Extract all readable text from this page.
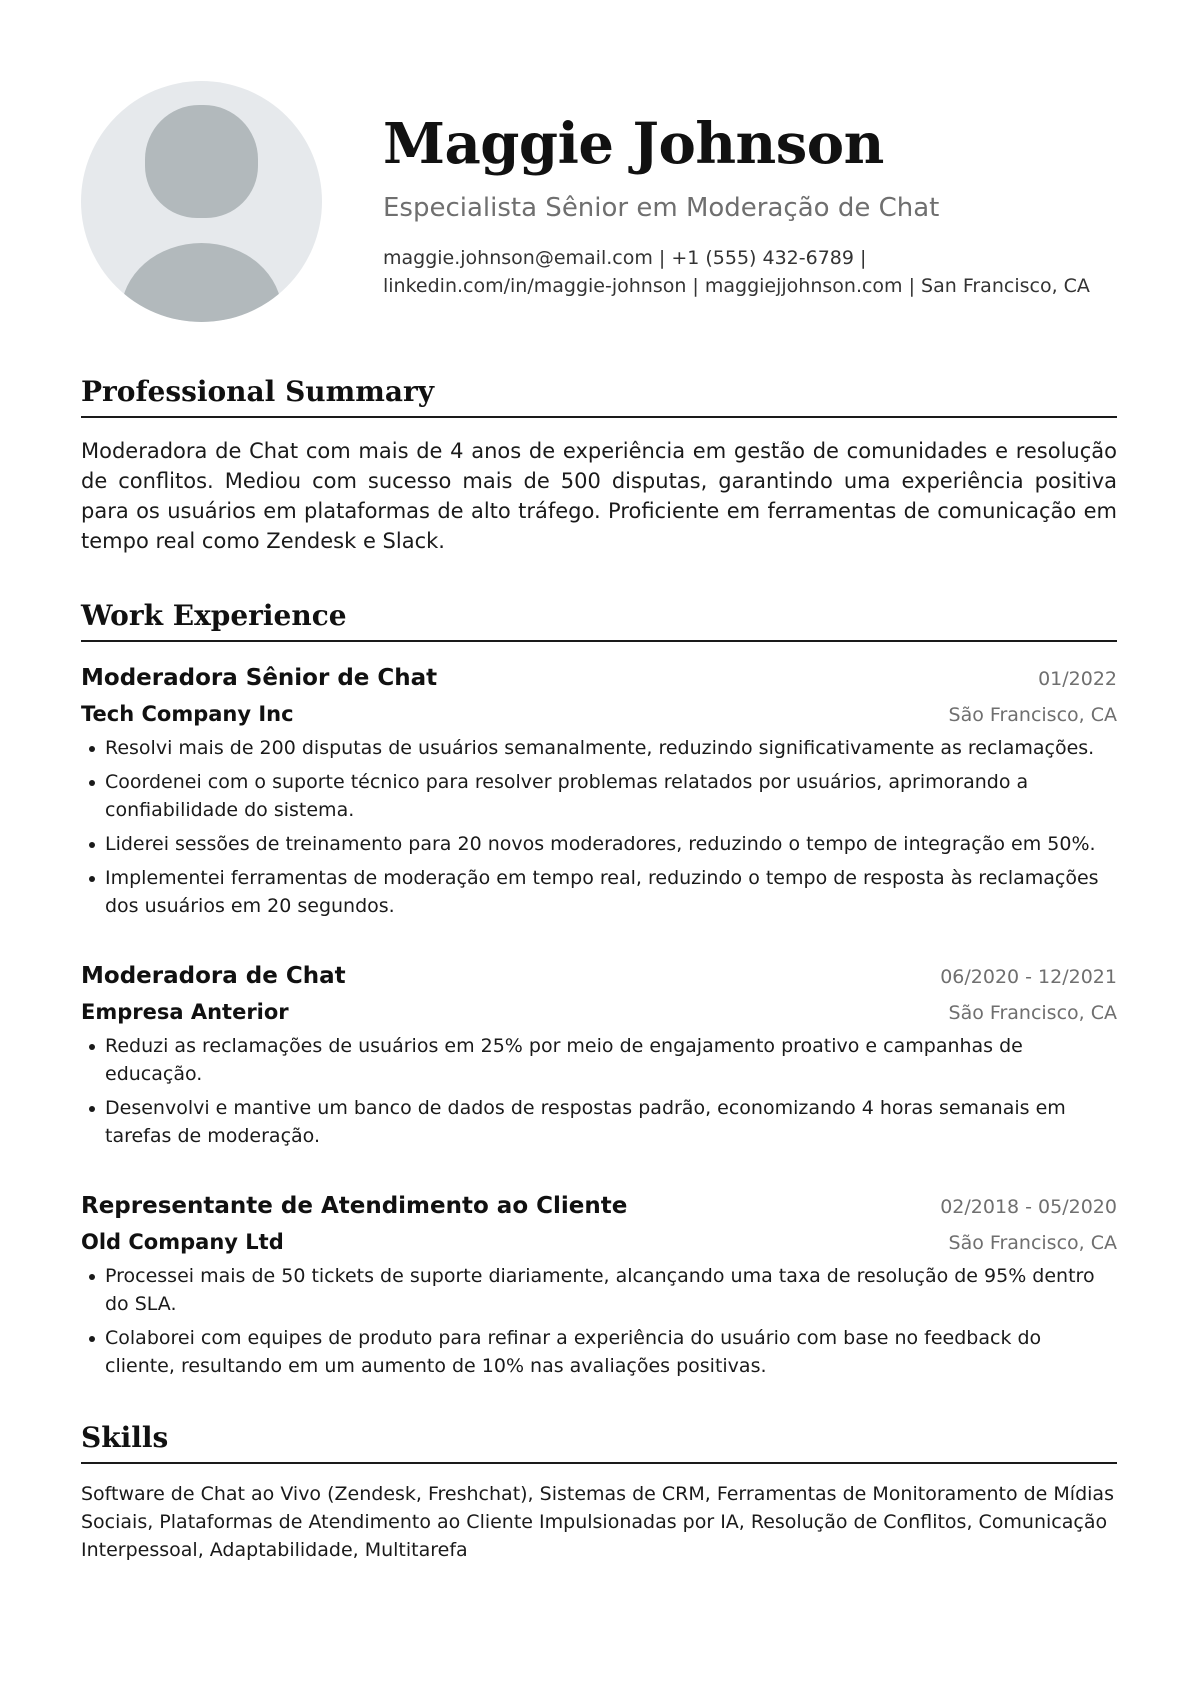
Maggie Johnson
Especialista Sênior em Moderação de Chat
maggie.johnson@email.com | +1 (555) 432-6789 |
linkedin.com/in/maggie-johnson | maggiejjohnson.com | San Francisco, CA
Professional Summary

Moderadora de Chat com mais de 4 anos de experiência em gestão de comunidades e resolução de conflitos. Mediou com sucesso mais de 500 disputas, garantindo uma experiência positiva para os usuários em plataformas de alto tráfego. Proficiente em ferramentas de comunicação em tempo real como Zendesk e Slack.

Work Experience
Moderadora Sênior de Chat	01/2022
Tech Company Inc	São Francisco, CA
Resolvi mais de 200 disputas de usuários semanalmente, reduzindo significativamente as reclamações.
Coordenei com o suporte técnico para resolver problemas relatados por usuários, aprimorando a confiabilidade do sistema.
Liderei sessões de treinamento para 20 novos moderadores, reduzindo o tempo de integração em 50%.
Implementei ferramentas de moderação em tempo real, reduzindo o tempo de resposta às reclamações dos usuários em 20 segundos.
Moderadora de Chat	06/2020 - 12/2021
Empresa Anterior	São Francisco, CA
Reduzi as reclamações de usuários em 25% por meio de engajamento proativo e campanhas de educação.
Desenvolvi e mantive um banco de dados de respostas padrão, economizando 4 horas semanais em tarefas de moderação.
Representante de Atendimento ao Cliente	02/2018 - 05/2020
Old Company Ltd	São Francisco, CA
Processei mais de 50 tickets de suporte diariamente, alcançando uma taxa de resolução de 95% dentro do SLA.
Colaborei com equipes de produto para refinar a experiência do usuário com base no feedback do cliente, resultando em um aumento de 10% nas avaliações positivas.
Skills

Software de Chat ao Vivo (Zendesk, Freshchat), Sistemas de CRM, Ferramentas de Monitoramento de Mídias Sociais, Plataformas de Atendimento ao Cliente Impulsionadas por IA, Resolução de Conflitos, Comunicação Interpessoal, Adaptabilidade, Multitarefa
